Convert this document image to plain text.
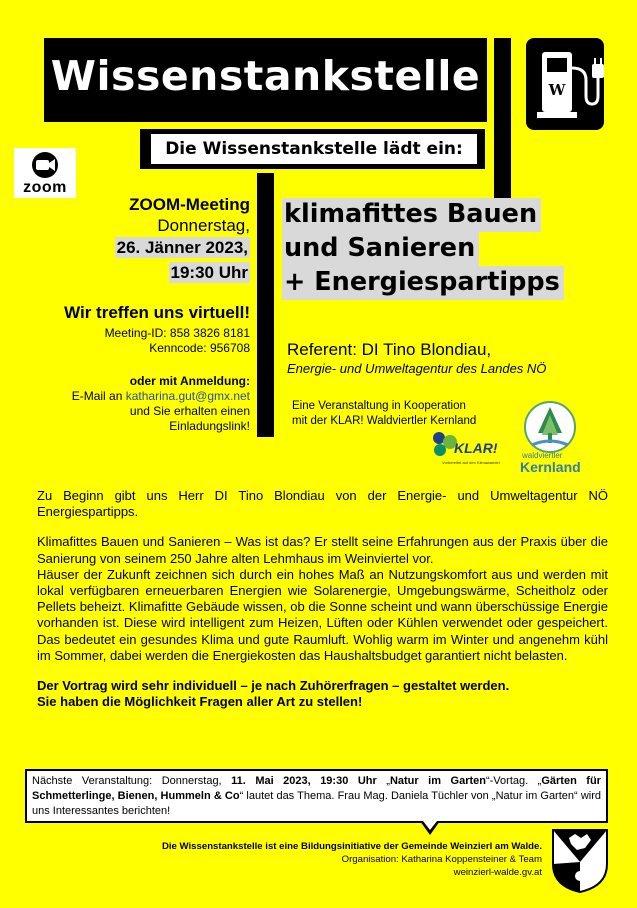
Wissenstankstelle	W
Die Wissenstankstelle lädt ein:
zoom
ZOOM-Meeting
Donnerstag,
26. Jänner 2023,
19:30 Uhr
Wir treffen uns virtuell!
Meeting-ID: 858 3826 8181
Kenncode: 956708
oder mit Anmeldung:
E-Mail an katharina.gut@gmx.net
und Sie erhalten einen
Einladungslink!
klimafittes Bauen
und Sanieren
+ Energiespartipps
Referent: DI Tino Blondiau,
Energie- und Umweltagentur des Landes NÖ
Eine Veranstaltung in Kooperation
mit der KLAR! Waldviertler Kernland
KLAR!
Vorbereitet auf den Klimawandel
waldviertler
Kernland

Zu Beginn gibt uns Herr DI Tino Blondiau von der Energie- und Umweltagentur NÖ Energiespartipps.

Klimafittes Bauen und Sanieren – Was ist das? Er stellt seine Erfahrungen aus der Praxis über die Sanierung von seinem 250 Jahre alten Lehmhaus im Weinviertel vor.

Häuser der Zukunft zeichnen sich durch ein hohes Maß an Nutzungskomfort aus und werden mit lokal verfügbaren erneuerbaren Energien wie Solarenergie, Umgebungswärme, Scheitholz oder Pellets beheizt. Klimafitte Gebäude wissen, ob die Sonne scheint und wann überschüssige Energie vorhanden ist. Diese wird intelligent zum Heizen, Lüften oder Kühlen verwendet oder gespeichert. Das bedeutet ein gesundes Klima und gute Raumluft. Wohlig warm im Winter und angenehm kühl im Sommer, dabei werden die Energiekosten das Haushaltsbudget garantiert nicht belasten.

Der Vortrag wird sehr individuell – je nach Zuhörerfragen – gestaltet werden.

Sie haben die Möglichkeit Fragen aller Art zu stellen!

Nächste Veranstaltung: Donnerstag, 11. Mai 2023, 19:30 Uhr „Natur im Garten“-Vortag. „Gärten für Schmetterlinge, Bienen, Hummeln & Co“ lautet das Thema. Frau Mag. Daniela Tüchler von „Natur im Garten“ wird uns Interessantes berichten!
Die Wissenstankstelle ist eine Bildungsinitiative der Gemeinde Weinzierl am Walde.
Organisation: Katharina Koppensteiner & Team
weinzierl-walde.gv.at
